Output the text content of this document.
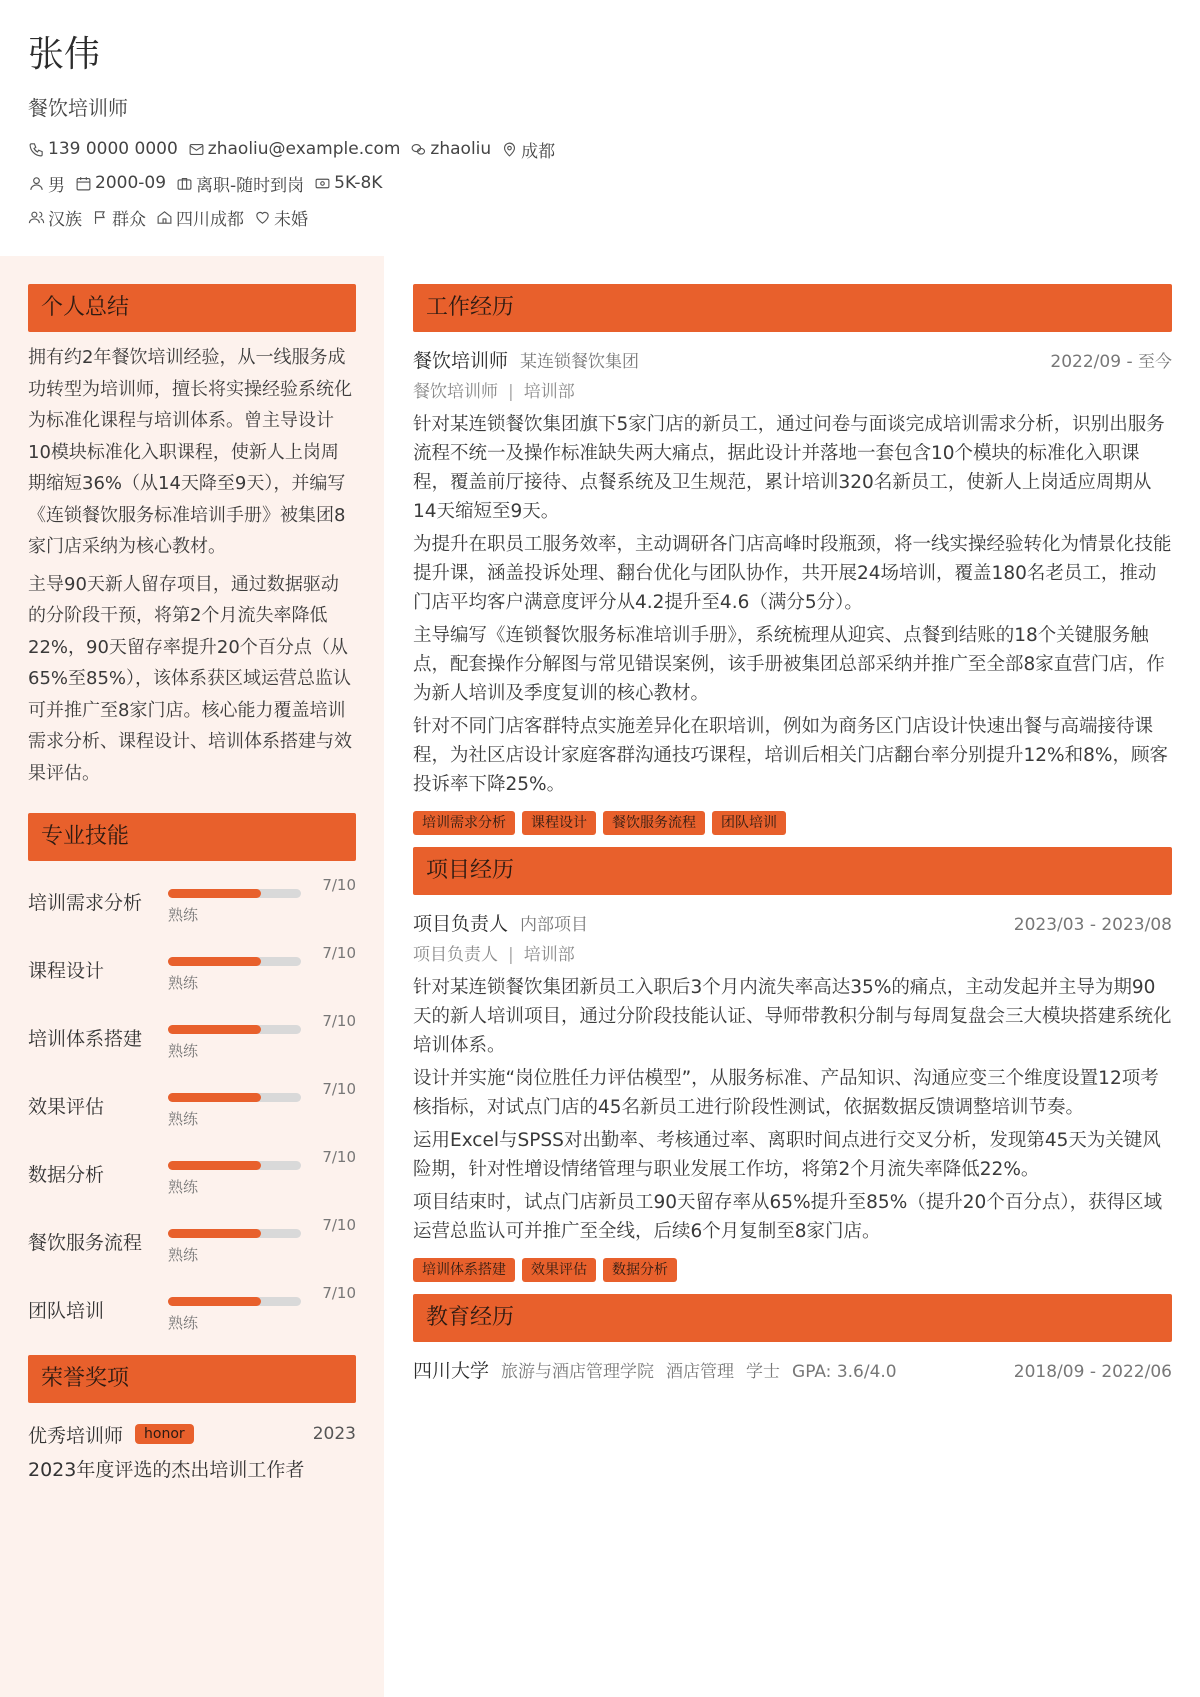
张伟
餐饮培训师
139 0000 0000 zhaoliu@example.com zhaoliu 成都
男 2000-09 离职-随时到岗 5K-8K
汉族 群众 四川成都 未婚
个人总结

拥有约2年餐饮培训经验，从一线服务成功转型为培训师，擅长将实操经验系统化为标准化课程与培训体系。曾主导设计10模块标准化入职课程，使新人上岗周期缩短36%（从14天降至9天），并编写《连锁餐饮服务标准培训手册》被集团8家门店采纳为核心教材。

主导90天新人留存项目，通过数据驱动的分阶段干预，将第2个月流失率降低22%，90天留存率提升20个百分点（从65%至85%），该体系获区域运营总监认可并推广至8家门店。核心能力覆盖培训需求分析、课程设计、培训体系搭建与效果评估。

专业技能
培训需求分析
7/10
熟练
课程设计
7/10
熟练
培训体系搭建
7/10
熟练
效果评估
7/10
熟练
数据分析
7/10
熟练
餐饮服务流程
7/10
熟练
团队培训
7/10
熟练
荣誉奖项
优秀培训师	honor	2023
2023年度评选的杰出培训工作者
工作经历
餐饮培训师 某连锁餐饮集团	2022/09 - 至今
餐饮培训师 | 培训部

针对某连锁餐饮集团旗下5家门店的新员工，通过问卷与面谈完成培训需求分析，识别出服务流程不统一及操作标准缺失两大痛点，据此设计并落地一套包含10个模块的标准化入职课程，覆盖前厅接待、点餐系统及卫生规范，累计培训320名新员工，使新人上岗适应周期从14天缩短至9天。

为提升在职员工服务效率，主动调研各门店高峰时段瓶颈，将一线实操经验转化为情景化技能提升课，涵盖投诉处理、翻台优化与团队协作，共开展24场培训，覆盖180名老员工，推动门店平均客户满意度评分从4.2提升至4.6（满分5分）。

主导编写《连锁餐饮服务标准培训手册》，系统梳理从迎宾、点餐到结账的18个关键服务触点，配套操作分解图与常见错误案例，该手册被集团总部采纳并推广至全部8家直营门店，作为新人培训及季度复训的核心教材。

针对不同门店客群特点实施差异化在职培训，例如为商务区门店设计快速出餐与高端接待课程，为社区店设计家庭客群沟通技巧课程，培训后相关门店翻台率分别提升12%和8%，顾客投诉率下降25%。

培训需求分析	课程设计	餐饮服务流程	团队培训
项目经历
项目负责人 内部项目	2023/03 - 2023/08
项目负责人 | 培训部

针对某连锁餐饮集团新员工入职后3个月内流失率高达35%的痛点，主动发起并主导为期90天的新人培训项目，通过分阶段技能认证、导师带教积分制与每周复盘会三大模块搭建系统化培训体系。

设计并实施“岗位胜任力评估模型”，从服务标准、产品知识、沟通应变三个维度设置12项考核指标，对试点门店的45名新员工进行阶段性测试，依据数据反馈调整培训节奏。

运用Excel与SPSS对出勤率、考核通过率、离职时间点进行交叉分析，发现第45天为关键风险期，针对性增设情绪管理与职业发展工作坊，将第2个月流失率降低22%。

项目结束时，试点门店新员工90天留存率从65%提升至85%（提升20个百分点），获得区域运营总监认可并推广至全线，后续6个月复制至8家门店。

培训体系搭建	效果评估	数据分析
教育经历
四川大学 旅游与酒店管理学院 酒店管理 学士 GPA: 3.6/4.0	2018/09 - 2022/06
